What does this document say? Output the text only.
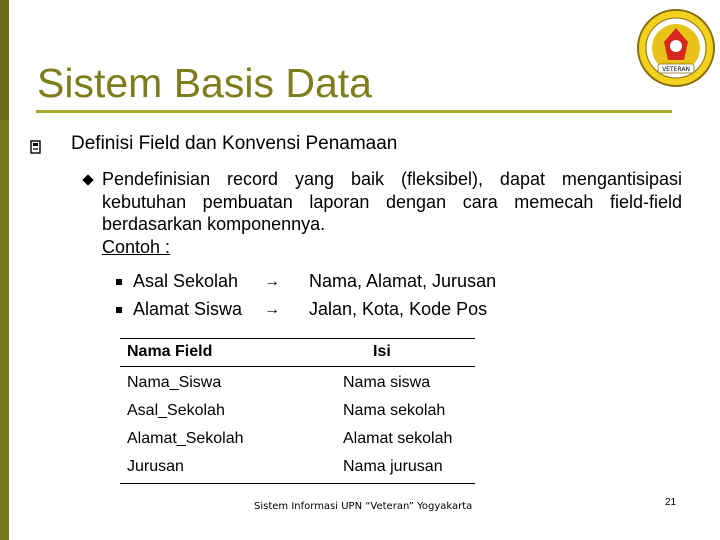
Sistem Basis Data	VETERAN
Definisi Field dan Konvensi Penamaan
Pendefinisian record yang baik (fleksibel), dapat mengantisipasi kebutuhan pembuatan laporan dengan cara memecah field-field berdasarkan komponennya.
Contoh :
Asal Sekolah → Nama, Alamat, Jurusan
Alamat Siswa → Jalan, Kota, Kode Pos
Nama Field	Isi
Nama_Siswa	Nama siswa
Asal_Sekolah	Nama sekolah
Alamat_Sekolah	Alamat sekolah
Jurusan	Nama jurusan
Sistem Informasi UPN “Veteran” Yogyakarta	21
